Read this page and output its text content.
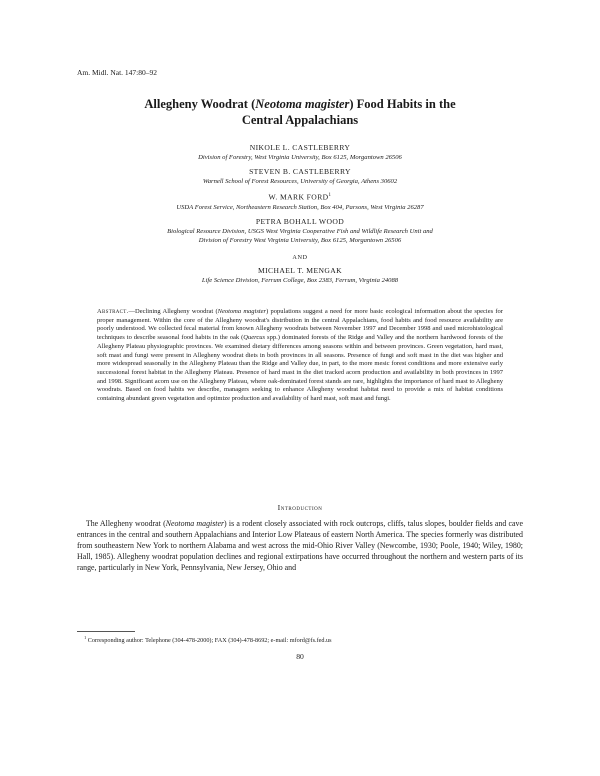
Am. Midl. Nat. 147:80–92
Allegheny Woodrat (Neotoma magister) Food Habits in the
Central Appalachians
NIKOLE L. CASTLEBERRY
Division of Forestry, West Virginia University, Box 6125, Morgantown 26506
STEVEN B. CASTLEBERRY
Warnell School of Forest Resources, University of Georgia, Athens 30602
W. MARK FORD$^1$
USDA Forest Service, Northeastern Research Station, Box 404, Parsons, West Virginia 26287
PETRA BOHALL WOOD
Biological Resource Division, USGS West Virginia Cooperative Fish and Wildlife Research Unit and
Division of Forestry West Virginia University, Box 6125, Morgantown 26506
AND
MICHAEL T. MENGAK
Life Science Division, Ferrum College, Box 2383, Ferrum, Virginia 24088
Abstract.—Declining Allegheny woodrat (Neotoma magister) populations suggest a need for more basic ecological information about the species for proper management. Within the core of the Allegheny woodrat's distribution in the central Appalachians, food habits and food resource availability are poorly understood. We collected fecal material from known Allegheny woodrats between November 1997 and December 1998 and used microhistological techniques to describe seasonal food habits in the oak (Quercus spp.) dominated forests of the Ridge and Valley and the northern hardwood forests of the Allegheny Plateau physiographic provinces. We examined dietary differences among seasons within and between provinces. Green vegetation, hard mast, soft mast and fungi were present in Allegheny woodrat diets in both provinces in all seasons. Presence of fungi and soft mast in the diet was higher and more widespread seasonally in the Allegheny Plateau than the Ridge and Valley due, in part, to the more mesic forest conditions and more extensive early successional forest habitat in the Allegheny Plateau. Presence of hard mast in the diet tracked acorn production and availability in both provinces in 1997 and 1998. Significant acorn use on the Allegheny Plateau, where oak-dominated forest stands are rare, highlights the importance of hard mast to Allegheny woodrats. Based on food habits we describe, managers seeking to enhance Allegheny woodrat habitat need to provide a mix of habitat conditions containing abundant green vegetation and optimize production and availability of hard mast, soft mast and fungi.
Introduction
The Allegheny woodrat (Neotoma magister) is a rodent closely associated with rock outcrops, cliffs, talus slopes, boulder fields and cave entrances in the central and southern Appalachians and Interior Low Plateaus of eastern North America. The species formerly was distributed from southeastern New York to northern Alabama and west across the mid-Ohio River Valley (Newcombe, 1930; Poole, 1940; Wiley, 1980; Hall, 1985). Allegheny woodrat population declines and regional extirpations have occurred throughout the northern and western parts of its range, particularly in New York, Pennsylvania, New Jersey, Ohio and
$^1$ Corresponding author: Telephone (304-478-2000); FAX (304)-478-8692; e-mail: mford@fs.fed.us
80
